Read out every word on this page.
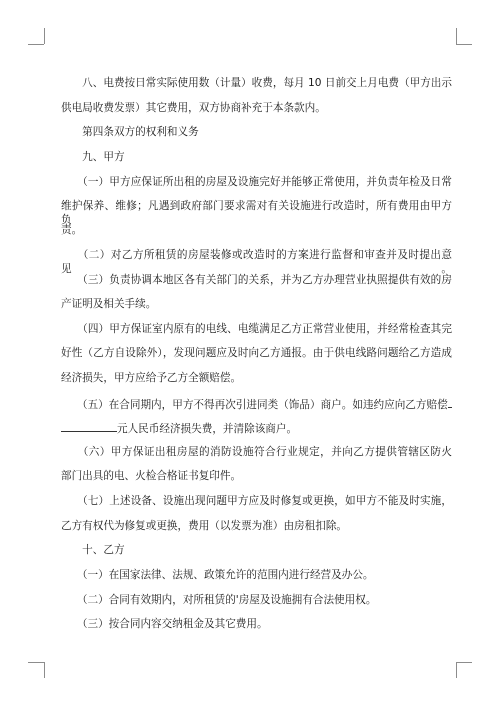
　　八、电费按日常实际使用数（计量）收费，每月 10 日前交上月电费（甲方出示
供电局收费发票）其它费用，双方协商补充于本条款内。
　　第四条双方的权利和义务
　　九、甲方
　　（一）甲方应保证所出租的房屋及设施完好并能够正常使用，并负责年检及日常
维护保养、维修；凡遇到政府部门要求需对有关设施进行改造时，所有费用由甲方负
责。
　　（二）对乙方所租赁的房屋装修或改造时的方案进行监督和审查并及时提出意见。
　　（三）负责协调本地区各有关部门的关系，并为乙方办理营业执照提供有效的房
产证明及相关手续。
　　（四）甲方保证室内原有的电线、电缆满足乙方正常营业使用，并经常检查其完
好性（乙方自设除外），发现问题应及时向乙方通报。由于供电线路问题给乙方造成
经济损失，甲方应给予乙方全额赔偿。
　　（五）在合同期内，甲方不得再次引进同类（饰品）商户。如违约应向乙方赔偿
元人民币经济损失费，并清除该商户。
　　（六）甲方保证出租房屋的消防设施符合行业规定，并向乙方提供管辖区防火
部门出具的电、火检合格证书复印件。
　　（七）上述设备、设施出现问题甲方应及时修复或更换，如甲方不能及时实施，
乙方有权代为修复或更换，费用（以发票为准）由房租扣除。
　　十、乙方
　　（一）在国家法律、法规、政策允许的范围内进行经营及办公。
　　（二）合同有效期内，对所租赁的'房屋及设施拥有合法使用权。
　　（三）按合同内容交纳租金及其它费用。
